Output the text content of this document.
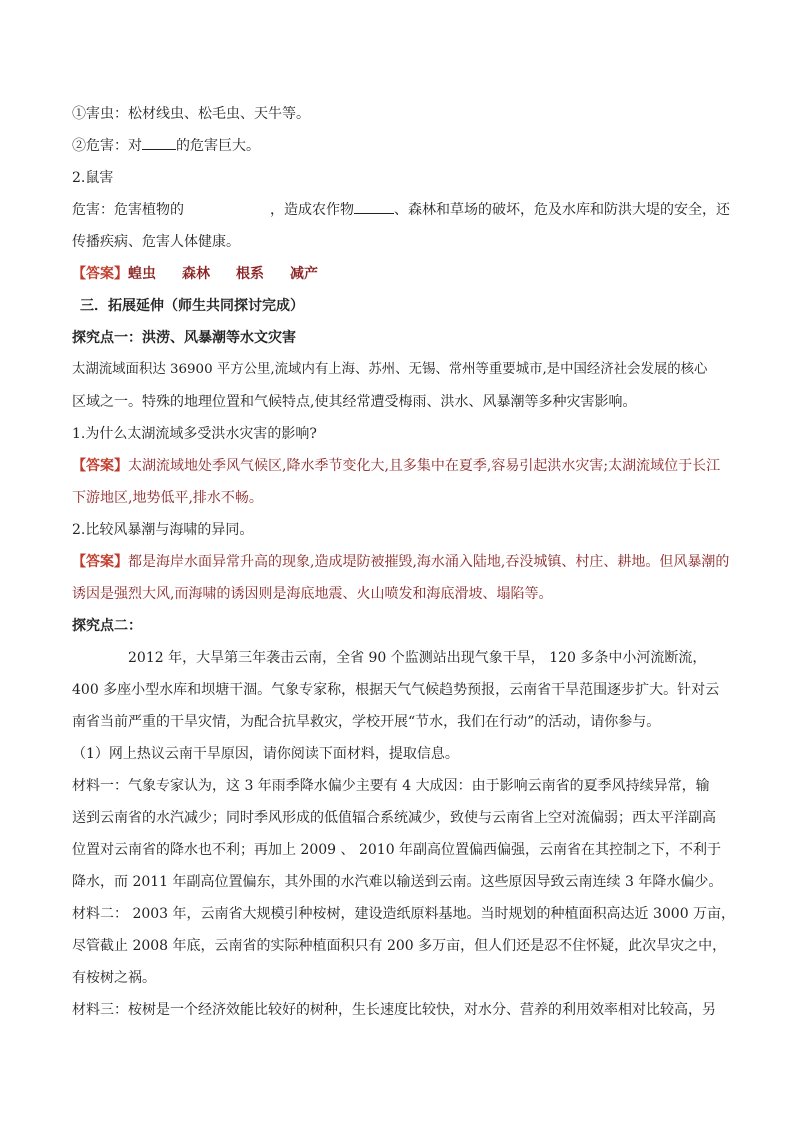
①害虫：松材线虫、松毛虫、天牛等。
②危害：对 的危害巨大。
2.鼠害
危害：危害植物的	，造成农作物	、森林和草场的破坏，危及水库和防洪大堤的安全，还
传播疾病、危害人体健康。
【答案】蝗虫 森林 根系 减产
三．拓展延伸（师生共同探讨完成）
探究点一：洪涝、风暴潮等水文灾害
太湖流域面积达 36900 平方公里,流域内有上海、苏州、无锡、常州等重要城市,是中国经济社会发展的核心
区域之一。特殊的地理位置和气候特点,使其经常遭受梅雨、洪水、风暴潮等多种灾害影响。
1.为什么太湖流域多受洪水灾害的影响?
【答案】太湖流域地处季风气候区,降水季节变化大,且多集中在夏季,容易引起洪水灾害;太湖流域位于长江
下游地区,地势低平,排水不畅。
2.比较风暴潮与海啸的异同。
【答案】都是海岸水面异常升高的现象,造成堤防被摧毁,海水涌入陆地,吞没城镇、村庄、耕地。但风暴潮的
诱因是强烈大风,而海啸的诱因则是海底地震、火山喷发和海底滑坡、塌陷等。
探究点二：
2012 年，大旱第三年袭击云南，全省 90 个监测站出现气象干旱， 120 多条中小河流断流，
400 多座小型水库和坝塘干涸。气象专家称，根据天气气候趋势预报，云南省干旱范围逐步扩大。针对云
南省当前严重的干旱灾情，为配合抗旱救灾，学校开展“节水，我们在行动”的活动，请你参与。
（1）网上热议云南干旱原因，请你阅读下面材料，提取信息。
材料一：气象专家认为，这 3 年雨季降水偏少主要有 4 大成因：由于影响云南省的夏季风持续异常，输
送到云南省的水汽减少；同时季风形成的低值辐合系统减少，致使与云南省上空对流偏弱；西太平洋副高
位置对云南省的降水也不利；再加上 2009 、 2010 年副高位置偏西偏强，云南省在其控制之下，不利于
降水，而 2011 年副高位置偏东，其外围的水汽难以输送到云南。这些原因导致云南连续 3 年降水偏少。
材料二： 2003 年，云南省大规模引种桉树，建设造纸原料基地。当时规划的种植面积高达近 3000 万亩，
尽管截止 2008 年底，云南省的实际种植面积只有 200 多万亩，但人们还是忍不住怀疑，此次旱灾之中，
有桉树之祸。
材料三：桉树是一个经济效能比较好的树种，生长速度比较快，对水分、营养的利用效率相对比较高，另
